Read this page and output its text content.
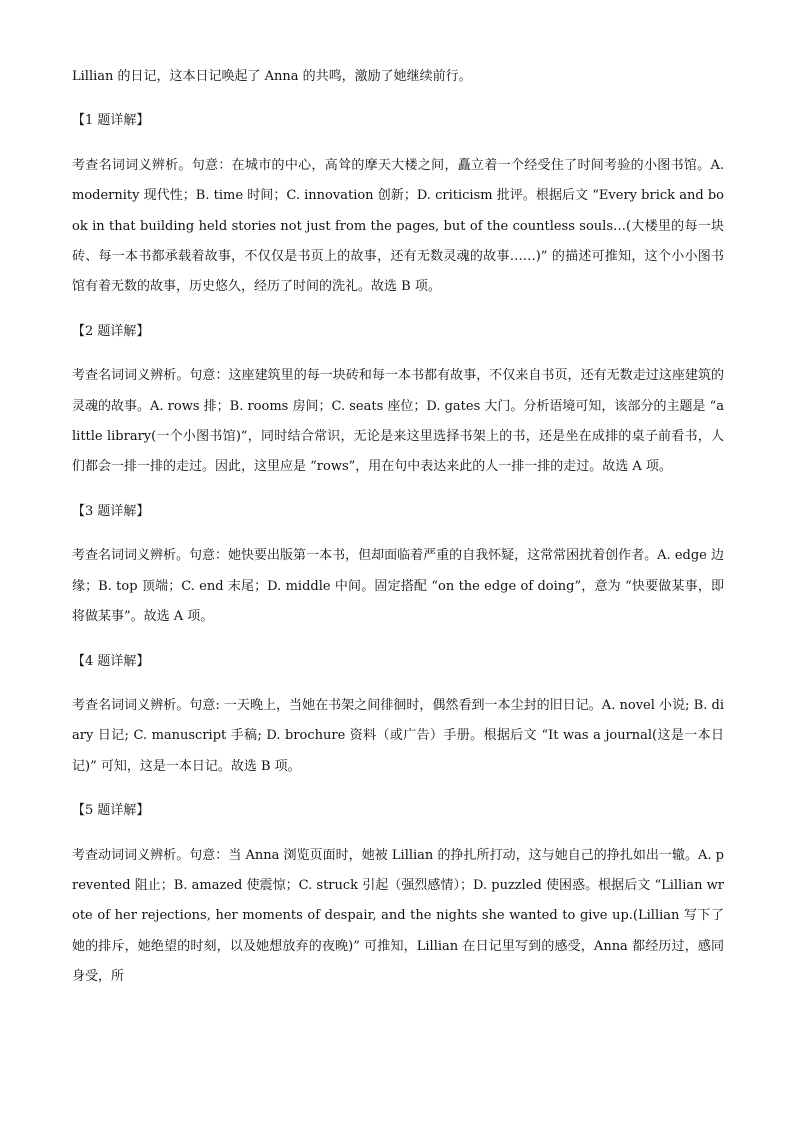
Lillian 的日记，这本日记唤起了 Anna 的共鸣，激励了她继续前行。

【1 题详解】

考查名词词义辨析。句意：在城市的中心，高耸的摩天大楼之间，矗立着一个经受住了时间考验的小图书馆。A. modernity 现代性；B. time 时间；C. innovation 创新；D. criticism 批评。根据后文 “Every brick and book in that building held stories not just from the pages, but of the countless souls…(大楼里的每一块砖、每一本书都承载着故事，不仅仅是书页上的故事，还有无数灵魂的故事……)” 的描述可推知，这个小小图书馆有着无数的故事，历史悠久，经历了时间的洗礼。故选 B 项。

【2 题详解】

考查名词词义辨析。句意：这座建筑里的每一块砖和每一本书都有故事，不仅来自书页，还有无数走过这座建筑的灵魂的故事。A. rows 排；B. rooms 房间；C. seats 座位；D. gates 大门。分析语境可知，该部分的主题是 “a little library(一个小图书馆)”，同时结合常识，无论是来这里选择书架上的书，还是坐在成排的桌子前看书，人们都会一排一排的走过。因此，这里应是 “rows”，用在句中表达来此的人一排一排的走过。故选 A 项。

【3 题详解】

考查名词词义辨析。句意：她快要出版第一本书，但却面临着严重的自我怀疑，这常常困扰着创作者。A. edge 边缘；B. top 顶端；C. end 末尾；D. middle 中间。固定搭配 “on the edge of doing”，意为 “快要做某事，即将做某事”。故选 A 项。

【4 题详解】

考查名词词义辨析。句意: 一天晚上，当她在书架之间徘徊时，偶然看到一本尘封的旧日记。A. novel 小说; B. diary 日记; C. manuscript 手稿; D. brochure 资料（或广告）手册。根据后文 “It was a journal(这是一本日记)” 可知，这是一本日记。故选 B 项。

【5 题详解】

考查动词词义辨析。句意：当 Anna 浏览页面时，她被 Lillian 的挣扎所打动，这与她自己的挣扎如出一辙。A. prevented 阻止；B. amazed 使震惊；C. struck 引起（强烈感情）；D. puzzled 使困惑。根据后文 “Lillian wrote of her rejections, her moments of despair, and the nights she wanted to give up.(Lillian 写下了她的排斥，她绝望的时刻，以及她想放弃的夜晚)” 可推知，Lillian 在日记里写到的感受，Anna 都经历过，感同身受，所
